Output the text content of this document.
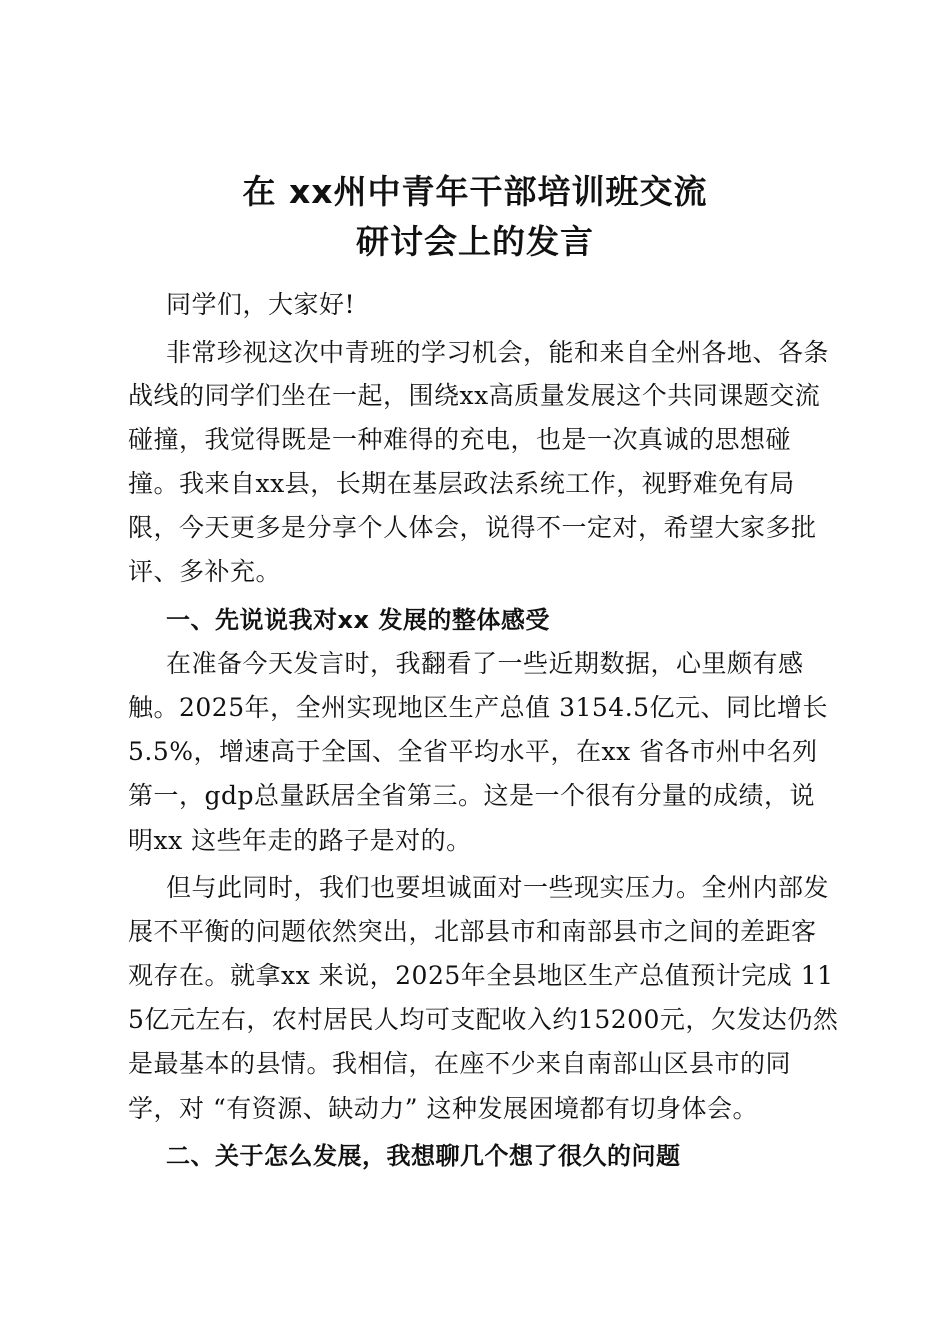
在 xx州中青年干部培训班交流
研讨会上的发言
同学们，大家好!
非常珍视这次中青班的学习机会，能和来自全州各地、各条
战线的同学们坐在一起，围绕xx高质量发展这个共同课题交流
碰撞，我觉得既是一种难得的充电，也是一次真诚的思想碰
撞。我来自xx县，长期在基层政法系统工作，视野难免有局
限，今天更多是分享个人体会，说得不一定对，希望大家多批
评、多补充。
一、先说说我对xx 发展的整体感受
在准备今天发言时，我翻看了一些近期数据，心里颇有感
触。2025年，全州实现地区生产总值 3154.5亿元、同比增长
5.5%，增速高于全国、全省平均水平，在xx 省各市州中名列
第一，gdp总量跃居全省第三。这是一个很有分量的成绩，说
明xx 这些年走的路子是对的。
但与此同时，我们也要坦诚面对一些现实压力。全州内部发
展不平衡的问题依然突出，北部县市和南部县市之间的差距客
观存在。就拿xx 来说，2025年全县地区生产总值预计完成 11
5亿元左右，农村居民人均可支配收入约15200元，欠发达仍然
是最基本的县情。我相信，在座不少来自南部山区县市的同
学，对 “有资源、缺动力” 这种发展困境都有切身体会。
二、关于怎么发展，我想聊几个想了很久的问题
